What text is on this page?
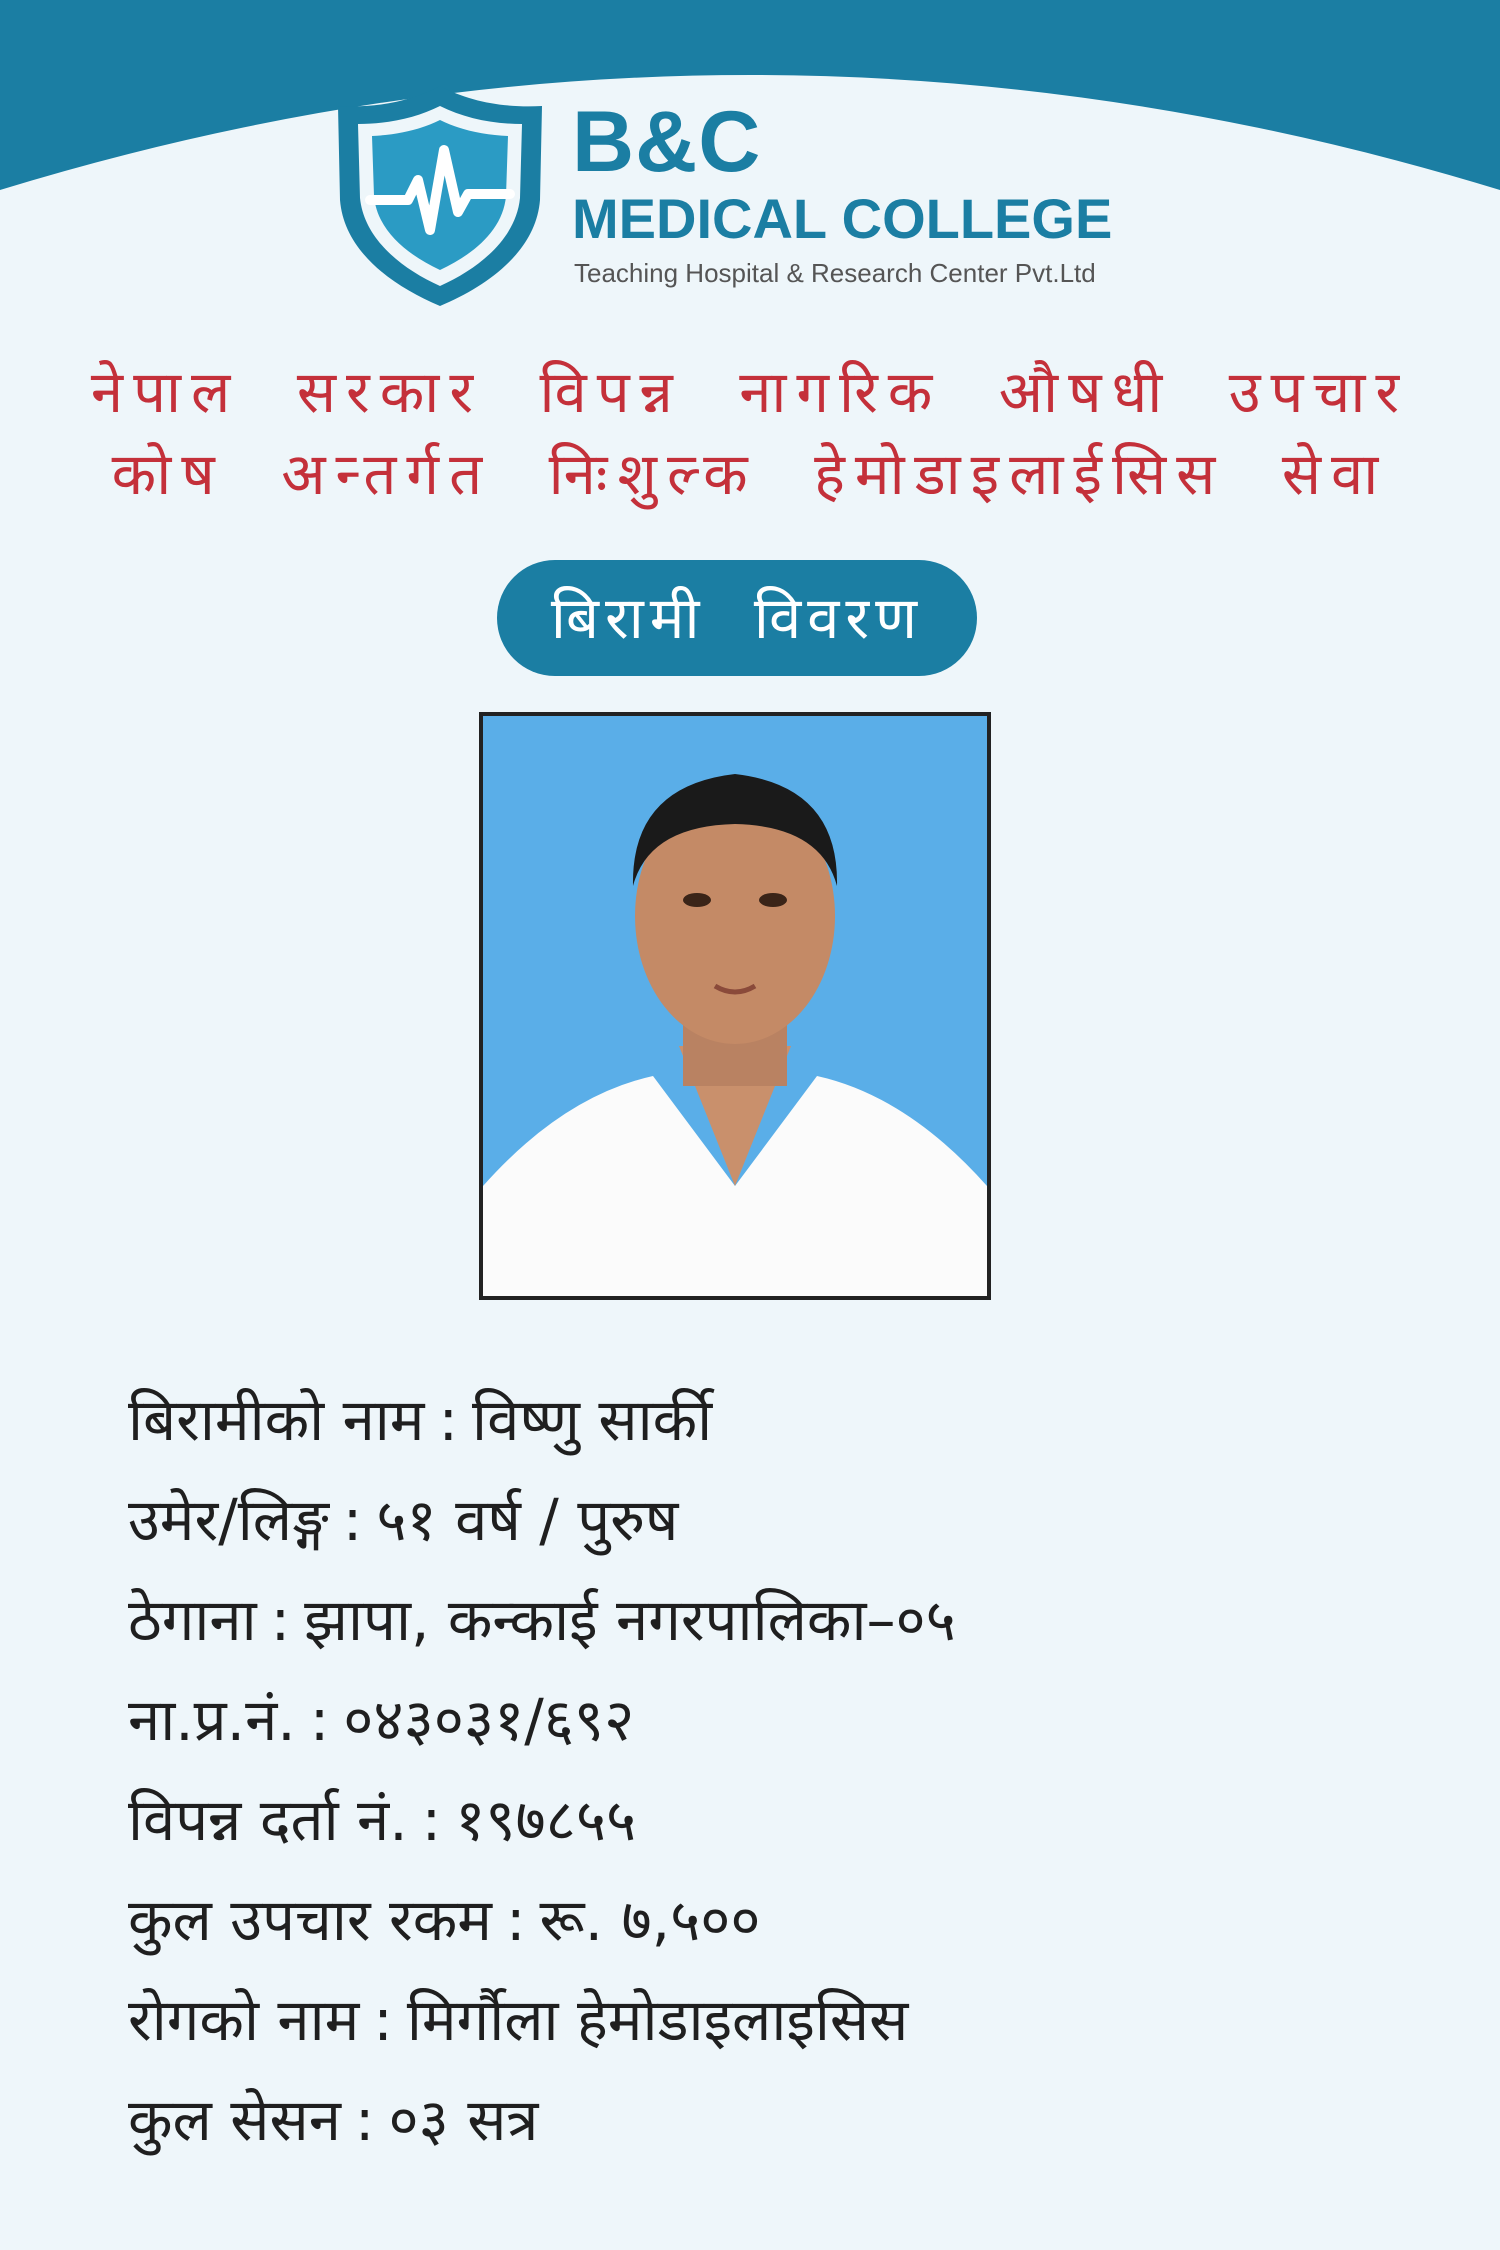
B&C
MEDICAL COLLEGE
Teaching Hospital & Research Center Pvt.Ltd
नेपाल सरकार विपन्न नागरिक औषधी उपचार
कोष अन्तर्गत निःशुल्क हेमोडाइलाईसिस सेवा
बिरामी विवरण
बिरामीको नाम : विष्णु सार्की
उमेर/लिङ्ग : ५१ वर्ष / पुरुष
ठेगाना : झापा, कन्काई नगरपालिका–०५
ना.प्र.नं. : ०४३०३१/६९२
विपन्न दर्ता नं. : १९७८५५
कुल उपचार रकम : रू. ७,५००
रोगको नाम : मिर्गौला हेमोडाइलाइसिस
कुल सेसन : ०३ सत्र
